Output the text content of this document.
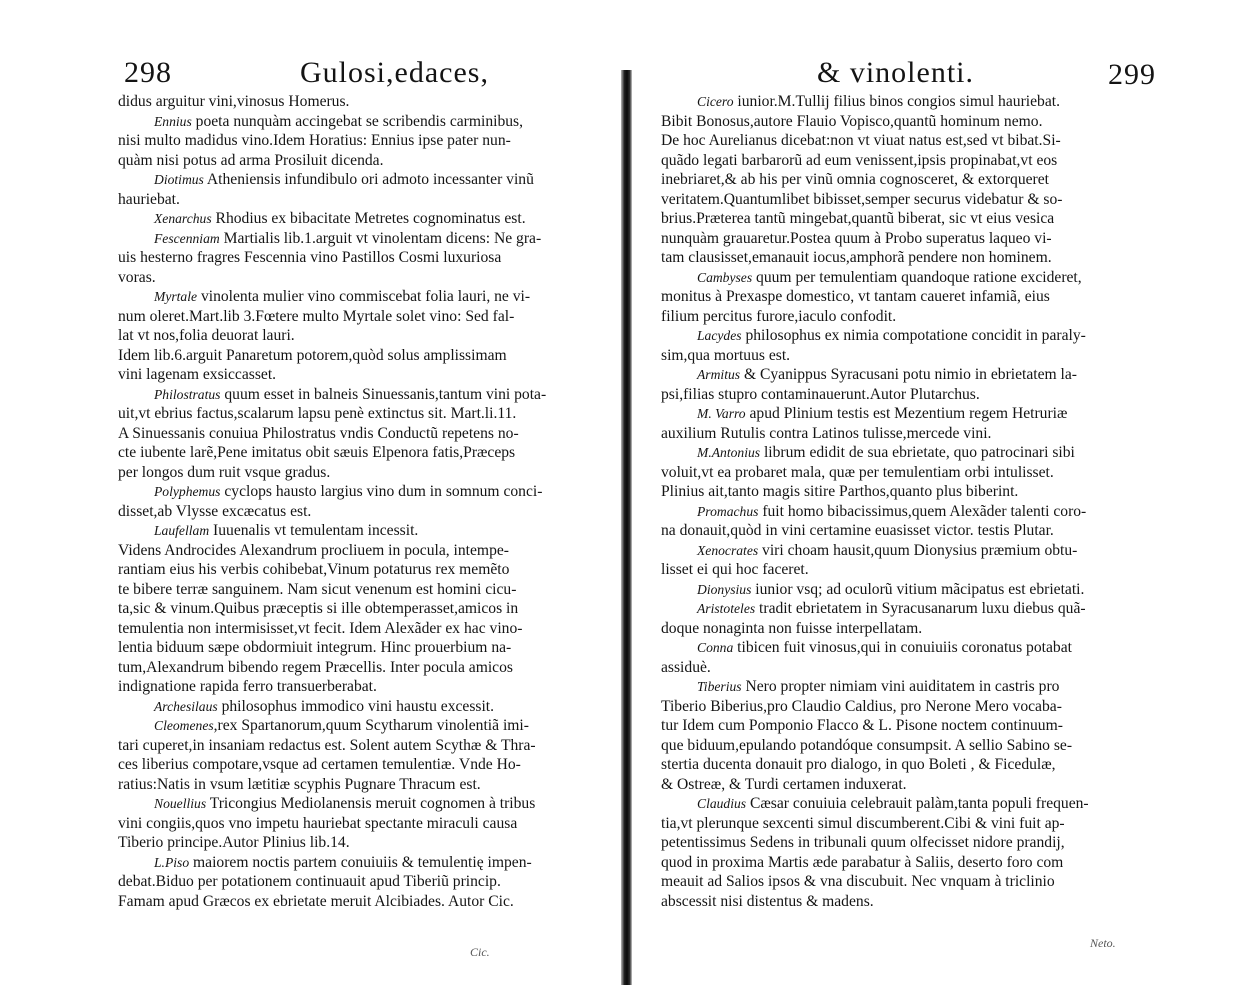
298	Gulosi,edaces,
didus arguitur vini,vinosus Homerus.
Ennius poeta nunquàm accingebat se scribendis carminibus,
nisi multo madidus vino.Idem Horatius: Ennius ipse pater nun-
quàm nisi potus ad arma Prosiluit dicenda.
Diotimus Atheniensis infundibulo ori admoto incessanter vinũ
hauriebat.
Xenarchus Rhodius ex bibacitate Metretes cognominatus est.
Fescenniam Martialis lib.1.arguit vt vinolentam dicens: Ne gra-
uis hesterno fragres Fescennia vino Pastillos Cosmi luxuriosa
voras.
Myrtale vinolenta mulier vino commiscebat folia lauri, ne vi-
num oleret.Mart.lib 3.Fœtere multo Myrtale solet vino: Sed fal-
lat vt nos,folia deuorat lauri.
Idem lib.6.arguit Panaretum potorem,quòd solus amplissimam
vini lagenam exsiccasset.
Philostratus quum esset in balneis Sinuessanis,tantum vini pota-
uit,vt ebrius factus,scalarum lapsu penè extinctus sit. Mart.li.11.
A Sinuessanis conuiua Philostratus vndis Conductũ repetens no-
cte iubente larẽ,Pene imitatus obit sæuis Elpenora fatis,Præceps
per longos dum ruit vsque gradus.
Polyphemus cyclops hausto largius vino dum in somnum conci-
disset,ab Vlysse excæcatus est.
Laufellam Iuuenalis vt temulentam incessit.
Videns Androcides Alexandrum procliuem in pocula, intempe-
rantiam eius his verbis cohibebat,Vinum potaturus rex memẽto
te bibere terræ sanguinem. Nam sicut venenum est homini cicu-
ta,sic & vinum.Quibus præceptis si ille obtemperasset,amicos in
temulentia non intermisisset,vt fecit. Idem Alexãder ex hac vino-
lentia biduum sæpe obdormiuit integrum. Hinc prouerbium na-
tum,Alexandrum bibendo regem Præcellis. Inter pocula amicos
indignatione rapida ferro transuerberabat.
Archesilaus philosophus immodico vini haustu excessit.
Cleomenes,rex Spartanorum,quum Scytharum vinolentiã imi-
tari cuperet,in insaniam redactus est. Solent autem Scythæ & Thra-
ces liberius compotare,vsque ad certamen temulentiæ. Vnde Ho-
ratius:Natis in vsum lætitiæ scyphis Pugnare Thracum est.
Nouellius Tricongius Mediolanensis meruit cognomen à tribus
vini congiis,quos vno impetu hauriebat spectante miraculi causa
Tiberio principe.Autor Plinius lib.14.
L.Piso maiorem noctis partem conuiuiis & temulentię impen-
debat.Biduo per potationem continuauit apud Tiberiũ princip.
Famam apud Græcos ex ebrietate meruit Alcibiades. Autor Cic.
Cic.
& vinolenti.	299
Cicero iunior.M.Tullij filius binos congios simul hauriebat.
Bibit Bonosus,autore Flauio Vopisco,quantũ hominum nemo.
De hoc Aurelianus dicebat:non vt viuat natus est,sed vt bibat.Si-
quãdo legati barbarorũ ad eum venissent,ipsis propinabat,vt eos
inebriaret,& ab his per vinũ omnia cognosceret, & extorqueret
veritatem.Quantumlibet bibisset,semper securus videbatur & so-
brius.Præterea tantũ mingebat,quantũ biberat, sic vt eius vesica
nunquàm grauaretur.Postea quum à Probo superatus laqueo vi-
tam clausisset,emanauit iocus,amphorã pendere non hominem.
Cambyses quum per temulentiam quandoque ratione excideret,
monitus à Prexaspe domestico, vt tantam caueret infamiã, eius
filium percitus furore,iaculo confodit.
Lacydes philosophus ex nimia compotatione concidit in paraly-
sim,qua mortuus est.
Armitus & Cyanippus Syracusani potu nimio in ebrietatem la-
psi,filias stupro contaminauerunt.Autor Plutarchus.
M. Varro apud Plinium testis est Mezentium regem Hetruriæ
auxilium Rutulis contra Latinos tulisse,mercede vini.
M.Antonius librum edidit de sua ebrietate, quo patrocinari sibi
voluit,vt ea probaret mala, quæ per temulentiam orbi intulisset.
Plinius ait,tanto magis sitire Parthos,quanto plus biberint.
Promachus fuit homo bibacissimus,quem Alexãder talenti coro-
na donauit,quòd in vini certamine euasisset victor. testis Plutar.
Xenocrates viri choam hausit,quum Dionysius præmium obtu-
lisset ei qui hoc faceret.
Dionysius iunior vsq; ad oculorũ vitium mãcipatus est ebrietati.
Aristoteles tradit ebrietatem in Syracusanarum luxu diebus quã-
doque nonaginta non fuisse interpellatam.
Conna tibicen fuit vinosus,qui in conuiuiis coronatus potabat
assiduè.
Tiberius Nero propter nimiam vini auiditatem in castris pro
Tiberio Biberius,pro Claudio Caldius, pro Nerone Mero vocaba-
tur Idem cum Pomponio Flacco & L. Pisone noctem continuum-
que biduum,epulando potandóque consumpsit. A sellio Sabino se-
stertia ducenta donauit pro dialogo, in quo Boleti , & Ficedulæ,
& Ostreæ, & Turdi certamen induxerat.
Claudius Cæsar conuiuia celebrauit palàm,tanta populi frequen-
tia,vt plerunque sexcenti simul discumberent.Cibi & vini fuit ap-
petentissimus Sedens in tribunali quum olfecisset nidore prandij,
quod in proxima Martis æde parabatur à Saliis, deserto foro com
meauit ad Salios ipsos & vna discubuit. Nec vnquam à triclinio
abscessit nisi distentus & madens.
Neto.
